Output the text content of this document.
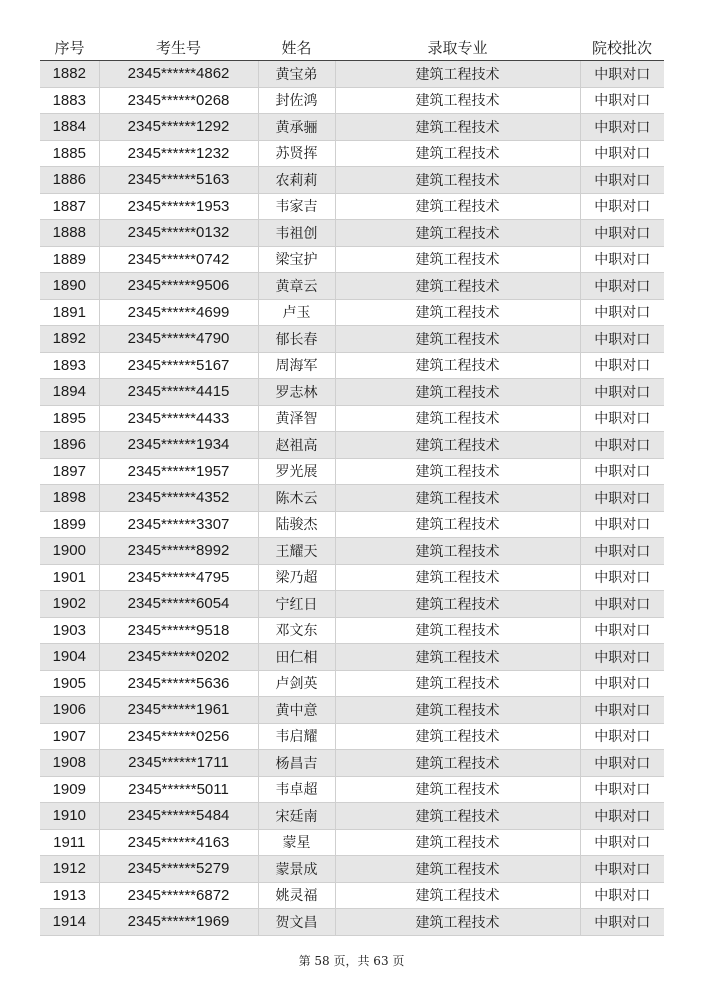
序号	考生号	姓名	录取专业	院校批次
1882	2345******4862	黄宝弟	建筑工程技术	中职对口
1883	2345******0268	封佐鸿	建筑工程技术	中职对口
1884	2345******1292	黄承骊	建筑工程技术	中职对口
1885	2345******1232	苏贤挥	建筑工程技术	中职对口
1886	2345******5163	农莉莉	建筑工程技术	中职对口
1887	2345******1953	韦家吉	建筑工程技术	中职对口
1888	2345******0132	韦祖创	建筑工程技术	中职对口
1889	2345******0742	梁宝护	建筑工程技术	中职对口
1890	2345******9506	黄章云	建筑工程技术	中职对口
1891	2345******4699	卢玉	建筑工程技术	中职对口
1892	2345******4790	郁长春	建筑工程技术	中职对口
1893	2345******5167	周海军	建筑工程技术	中职对口
1894	2345******4415	罗志林	建筑工程技术	中职对口
1895	2345******4433	黄泽智	建筑工程技术	中职对口
1896	2345******1934	赵祖高	建筑工程技术	中职对口
1897	2345******1957	罗光展	建筑工程技术	中职对口
1898	2345******4352	陈木云	建筑工程技术	中职对口
1899	2345******3307	陆骏杰	建筑工程技术	中职对口
1900	2345******8992	王耀天	建筑工程技术	中职对口
1901	2345******4795	梁乃超	建筑工程技术	中职对口
1902	2345******6054	宁红日	建筑工程技术	中职对口
1903	2345******9518	邓文东	建筑工程技术	中职对口
1904	2345******0202	田仁相	建筑工程技术	中职对口
1905	2345******5636	卢剑英	建筑工程技术	中职对口
1906	2345******1961	黄中意	建筑工程技术	中职对口
1907	2345******0256	韦启耀	建筑工程技术	中职对口
1908	2345******1711	杨昌吉	建筑工程技术	中职对口
1909	2345******5011	韦卓超	建筑工程技术	中职对口
1910	2345******5484	宋廷南	建筑工程技术	中职对口
1911	2345******4163	蒙星	建筑工程技术	中职对口
1912	2345******5279	蒙景成	建筑工程技术	中职对口
1913	2345******6872	姚灵福	建筑工程技术	中职对口
1914	2345******1969	贺文昌	建筑工程技术	中职对口
第 58 页，共 63 页
